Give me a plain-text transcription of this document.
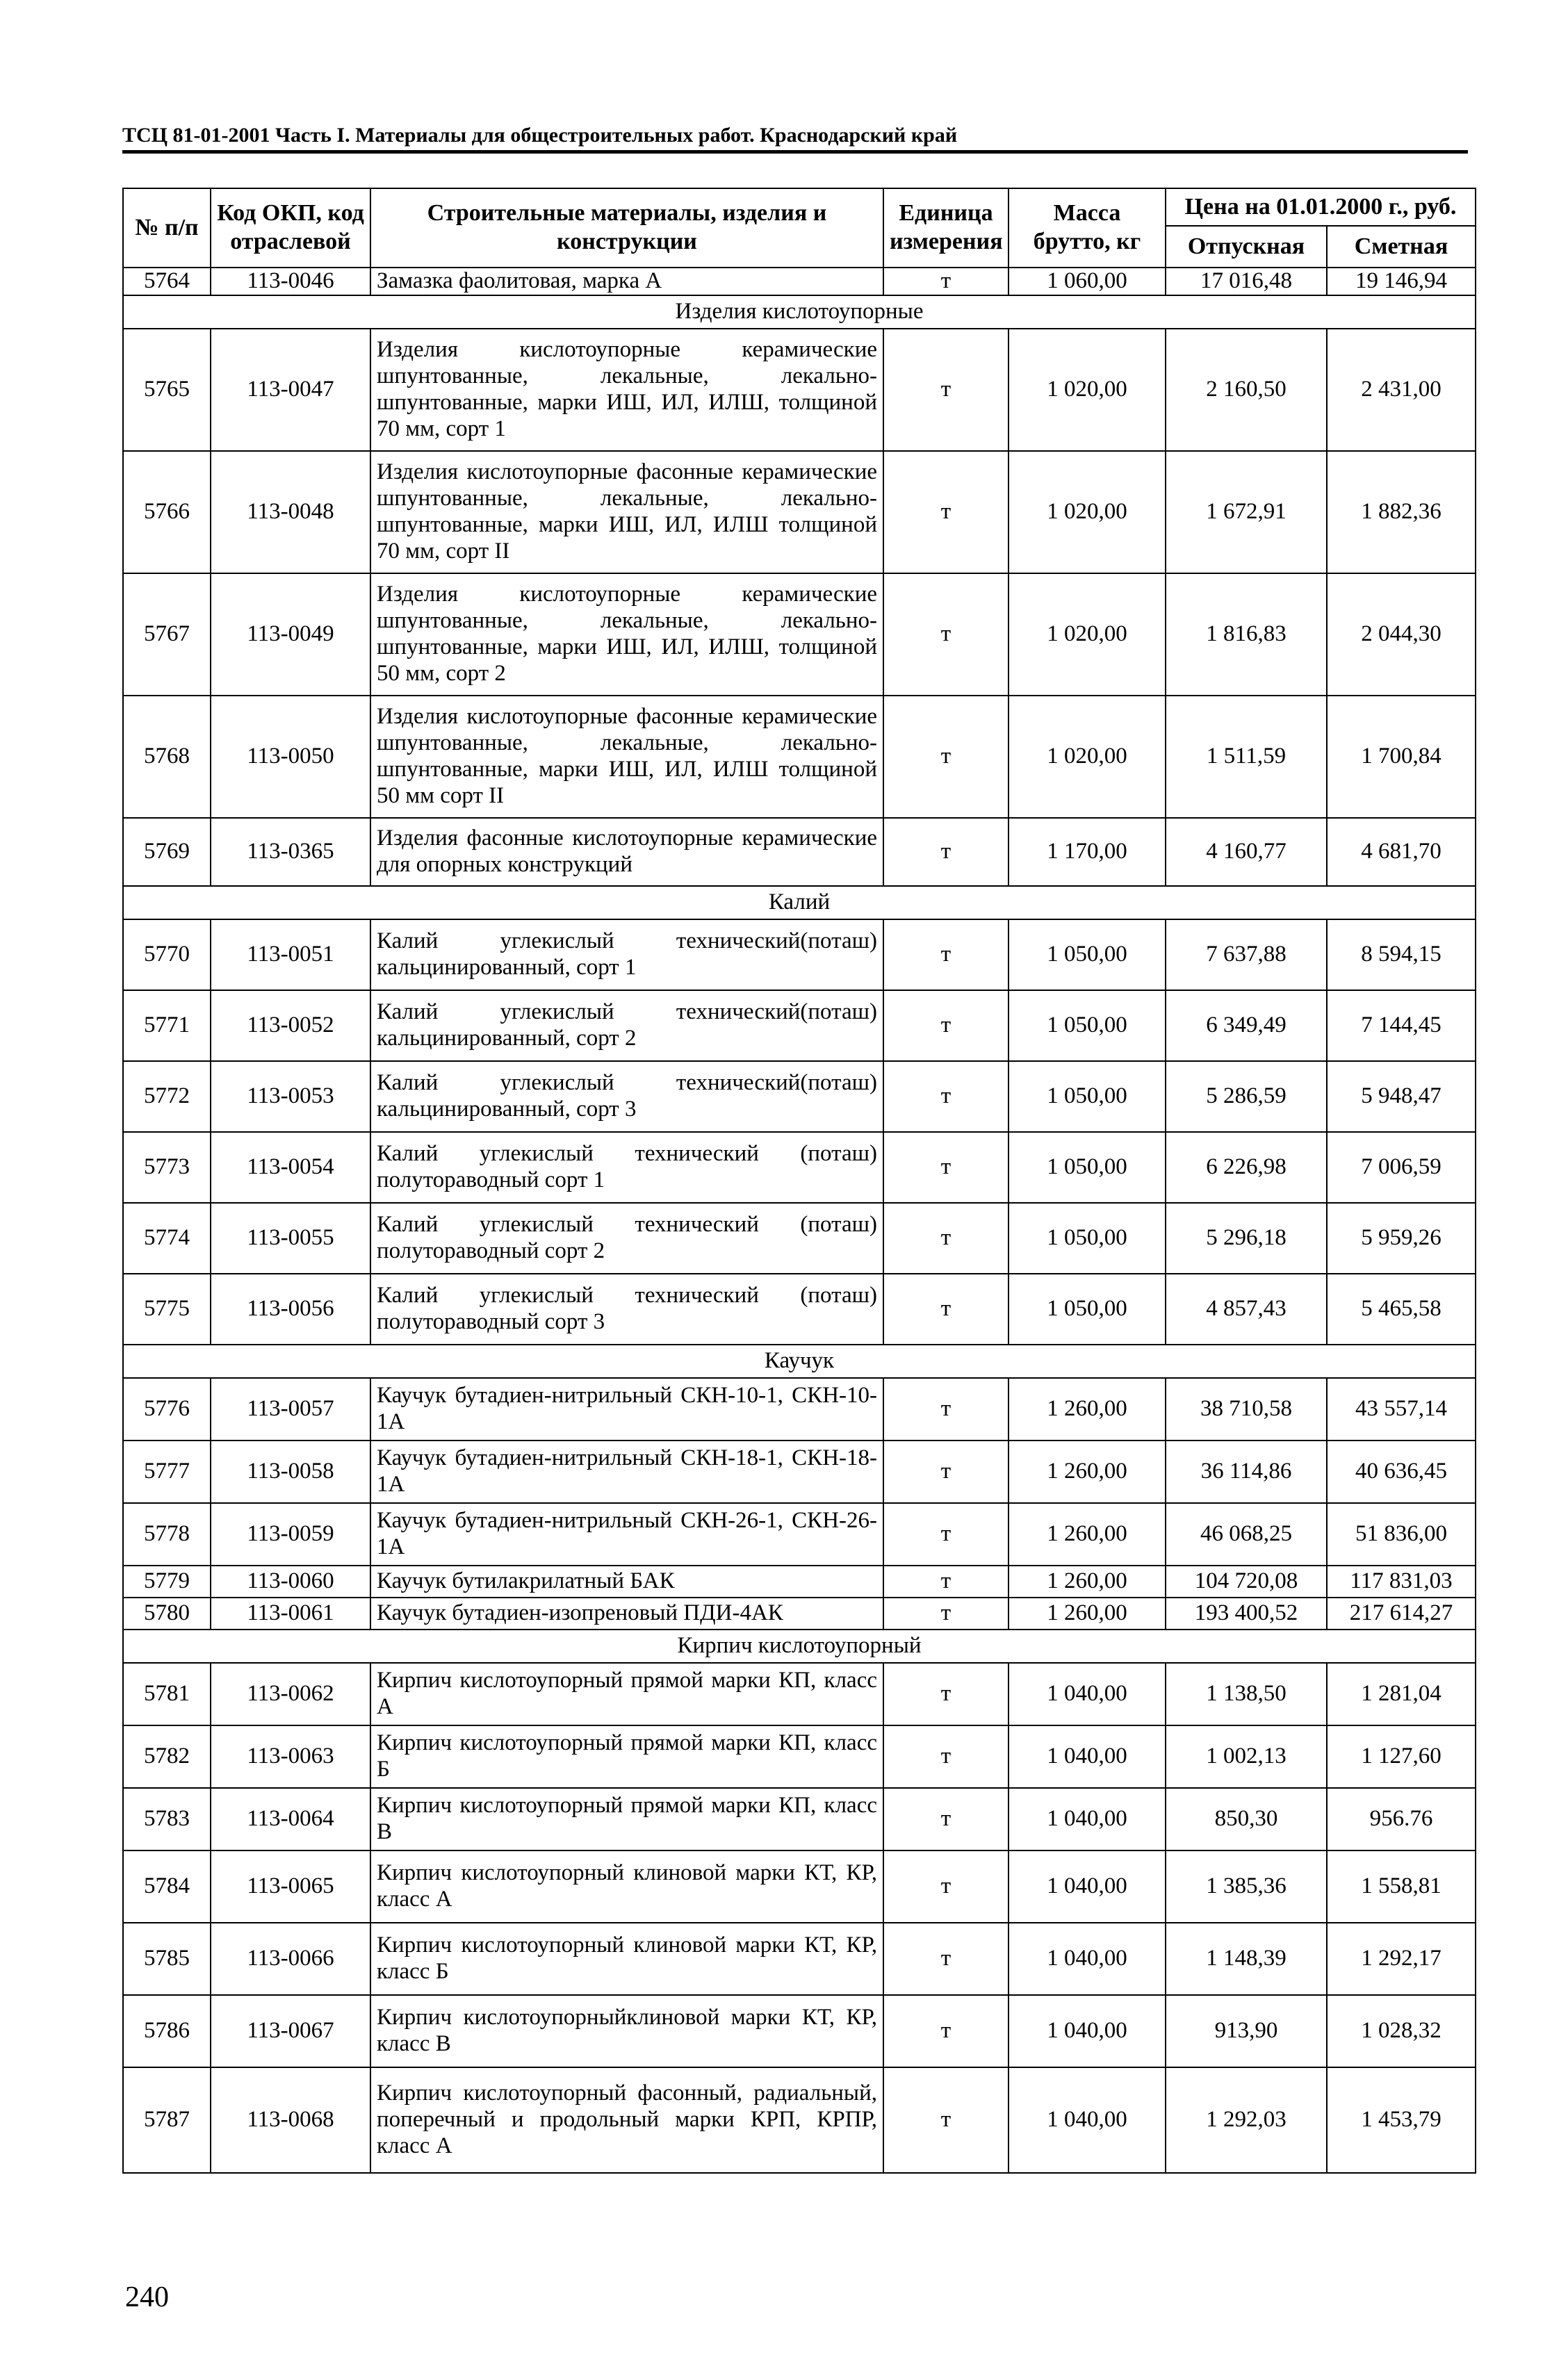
ТСЦ 81-01-2001 Часть I. Материалы для общестроительных работ. Краснодарский край
№ п/п	Код ОКП, код отраслевой	Строительные материалы, изделия и конструкции	Единица измерения	Масса брутто, кг	Цена на 01.01.2000 г., руб.	
					Отпускная	Сметная
5764	113-0046	Замазка фаолитовая, марка А	т	1 060,00	17 016,48	19 146,94
Изделия кислотоупорные						
5765	113-0047	Изделия кислотоупорные керамические шпунтованные, лекальные, лекально-шпунтованные, марки ИШ, ИЛ, ИЛШ, толщиной 70 мм, сорт 1	т	1 020,00	2 160,50	2 431,00
5766	113-0048	Изделия кислотоупорные фасонные керамические шпунтованные, лекальные, лекально-шпунтованные, марки ИШ, ИЛ, ИЛШ толщиной 70 мм, сорт II	т	1 020,00	1 672,91	1 882,36
5767	113-0049	Изделия кислотоупорные керамические шпунтованные, лекальные, лекально-шпунтованные, марки ИШ, ИЛ, ИЛШ, толщиной 50 мм, сорт 2	т	1 020,00	1 816,83	2 044,30
5768	113-0050	Изделия кислотоупорные фасонные керамические шпунтованные, лекальные, лекально-шпунтованные, марки ИШ, ИЛ, ИЛШ толщиной 50 мм сорт II	т	1 020,00	1 511,59	1 700,84
5769	113-0365	Изделия фасонные кислотоупорные керамические для опорных конструкций	т	1 170,00	4 160,77	4 681,70
Калий						
5770	113-0051	Калий углекислый технический(поташ) кальцинированный, сорт 1	т	1 050,00	7 637,88	8 594,15
5771	113-0052	Калий углекислый технический(поташ) кальцинированный, сорт 2	т	1 050,00	6 349,49	7 144,45
5772	113-0053	Калий углекислый технический(поташ) кальцинированный, сорт 3	т	1 050,00	5 286,59	5 948,47
5773	113-0054	Калий углекислый технический (поташ) полутораводный сорт 1	т	1 050,00	6 226,98	7 006,59
5774	113-0055	Калий углекислый технический (поташ) полутораводный сорт 2	т	1 050,00	5 296,18	5 959,26
5775	113-0056	Калий углекислый технический (поташ) полутораводный сорт 3	т	1 050,00	4 857,43	5 465,58
Каучук						
5776	113-0057	Каучук бутадиен-нитрильный СКН-10-1, СКН-10-1А	т	1 260,00	38 710,58	43 557,14
5777	113-0058	Каучук бутадиен-нитрильный СКН-18-1, СКН-18-1А	т	1 260,00	36 114,86	40 636,45
5778	113-0059	Каучук бутадиен-нитрильный СКН-26-1, СКН-26-1А	т	1 260,00	46 068,25	51 836,00
5779	113-0060	Каучук бутилакрилатный БАК	т	1 260,00	104 720,08	117 831,03
5780	113-0061	Каучук бутадиен-изопреновый ПДИ-4АК	т	1 260,00	193 400,52	217 614,27
Кирпич кислотоупорный						
5781	113-0062	Кирпич кислотоупорный прямой марки КП, класс А	т	1 040,00	1 138,50	1 281,04
5782	113-0063	Кирпич кислотоупорный прямой марки КП, класс Б	т	1 040,00	1 002,13	1 127,60
5783	113-0064	Кирпич кислотоупорный прямой марки КП, класс В	т	1 040,00	850,30	956.76
5784	113-0065	Кирпич кислотоупорный клиновой марки КТ, КР, класс А	т	1 040,00	1 385,36	1 558,81
5785	113-0066	Кирпич кислотоупорный клиновой марки КТ, КР, класс Б	т	1 040,00	1 148,39	1 292,17
5786	113-0067	Кирпич кислотоупорныйклиновой марки КТ, КР, класс В	т	1 040,00	913,90	1 028,32
5787	113-0068	Кирпич кислотоупорный фасонный, радиальный, поперечный и продольный марки КРП, КРПР, класс А	т	1 040,00	1 292,03	1 453,79
240
